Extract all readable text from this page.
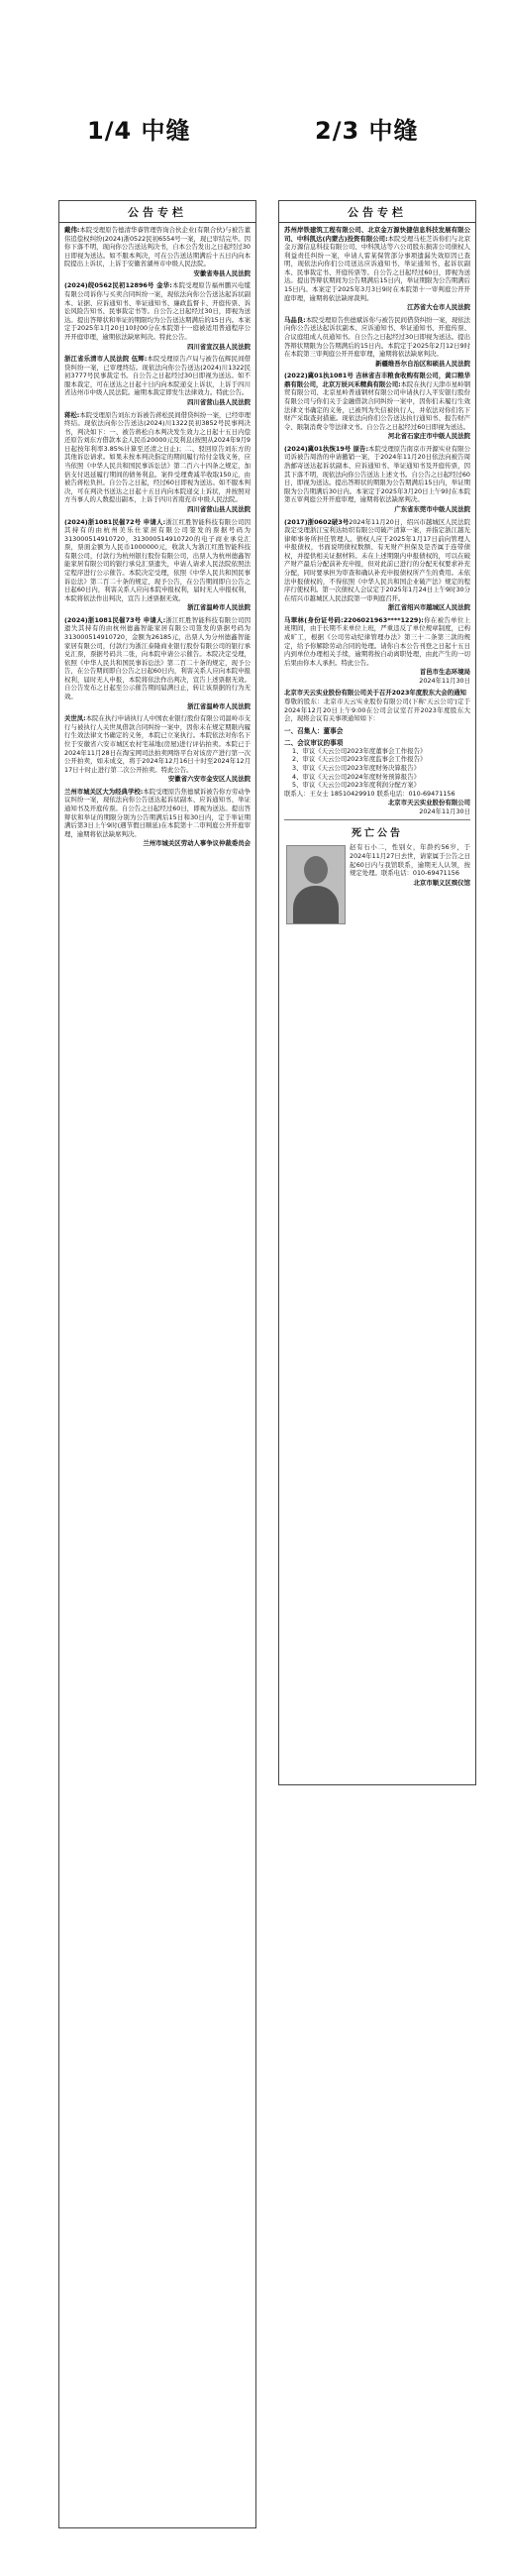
1/4 中缝	2/3 中缝
公告专栏

戴伟:本院受理原告德清华睿管理咨询合伙企业(有限合伙)与被告董伟追偿权纠纷(2024)浙0522民初6554号一案，现已审结完毕。因你下落不明，现向你公告送达判决书，自本公告发出之日起经过30日即视为送达。如不服本判决，可在公告送达期满后十五日内向本院提出上诉状，上诉于安徽省湖州市中级人民法院。

安徽省寿县人民法院

(2024)皖0562民初12896号 金华:本院受理原告福州鹏兴电缆有限公司诉你与买卖合同纠纷一案，现依法向你公告送达起诉状副本、证据、应诉通知书、举证通知书、廉政监督卡、开庭传票、诉讼风险告知书、民事裁定书等。自公告之日起经过30日，即视为送达。提出答辩状和举证的期限均为公告送达期满后的15日内。本案定于2025年1月20日10时00分在本院第十一庭被适用普通程序公开开庭审理，逾期依法缺席判决。特此公告。

四川省宣汉县人民法院

浙江省乐清市人民法院 伍辉:本院受理原告卢局与被告伍辉民间借贷纠纷一案，已审理终结。现依法向你公告送达(2024)川1322民初3777号民事裁定书。自公告之日起经过30日即视为送达。如不服本裁定，可在送达之日起十日内向本院递交上诉状，上诉于四川省达州市中级人民法院。逾期本裁定即发生法律效力。特此公告。

四川省营山县人民法院

蒋松:本院受理原告刘东方诉被告蒋松民间借贷纠纷一案，已经审理终结。现依法向你公告送达(2024)川1322民初3852号民事判决书，判决如下：一、被告蒋松自本判决发生效力之日起十五日内偿还原告刘东方借款本金人民币20000元及利息(按照从2024年9月9日起按年利率3.85%计算至还清之日止)；二、驳回原告刘东方的其他诉讼请求。如果未按本判决指定的期间履行给付金钱义务，应当依照《中华人民共和国民事诉讼法》第二百六十四条之规定，加倍支付迟延履行期间的债务利息。案件受理费减半收取150元，由被告蒋松负担。自公告之日起，经过60日即视为送达。如不服本判决，可在判决书送达之日起十五日内向本院递交上诉状，并按照对方当事人的人数提出副本，上诉于四川省南充市中级人民法院。

四川省营山县人民法院

(2024)浙1081民催72号 申请人:浙江红胜智能科技有限公司因其持有的由杭州美乐仕家居有限公司签发的票据号码为313000514910720，313000514910720的电子商业承兑汇票，票面金额为人民币1000000元，收款人为浙江红胜智能科技有限公司，付款行为杭州银行股份有限公司，出票人为杭州德鑫智能家居有限公司的银行承兑汇票遗失，申请人请求人民法院依照法定程序进行公示催告。本院决定受理，依照《中华人民共和国民事诉讼法》第二百二十条的规定，现予公告，在公告期间即自公告之日起60日内，利害关系人应向本院申报权利，届时无人申报权利，本院将依法作出判决，宣告上述票据无效。

浙江省温岭市人民法院

(2024)浙1081民催73号 申请人:浙江红胜智能科技有限公司因遗失其持有的由杭州德鑫智能家居有限公司签发的票据号码为313000514910720，金额为26185元，出票人为分州德鑫智能家居有限公司，付款行为浙江泰隆商业银行股份有限公司的银行承兑汇票，票据号码共二张，向本院申请公示催告。本院决定受理，依照《中华人民共和国民事诉讼法》第二百二十条的规定，现予公告，在公告期间即自公告之日起60日内，利害关系人应向本院申报权利，届时无人申报，本院将依法作出判决，宣告上述票据无效。自公告发布之日起至公示催告期间届满日止，转让该票据的行为无效。

浙江省温岭市人民法院

关世凤:本院在执行申请执行人中国农业银行股份有限公司温岭市支行与被执行人关世凤借款合同纠纷一案中，因你未在规定期限内履行生效法律文书确定的义务，本院已立案执行。本院依法对你名下位于安徽省六安市城区农村宅基地(房屋)进行评估拍卖。本院已于2024年11月28日在淘宝网司法拍卖网络平台对该房产进行第一次公开拍卖，如未成交，将于2024年12月16日十时至2024年12月17日十时止进行第二次公开拍卖。特此公告。

安徽省六安市金安区人民法院

兰州市城关区大为经典学校:本院受理原告焦德斌诉被告你方劳动争议纠纷一案，现依法向你公告送达起诉状副本、应诉通知书、举证通知书及开庭传票。自公告之日起经过60日，即视为送达。提出答辩状和举证的期限分别为公告期满后15日和30日内，定于举证期满后第3日上午9时(遇节假日顺延)在本院第十二审判庭公开开庭审理，逾期将依法缺席判决。

兰州市城关区劳动人事争议仲裁委员会

公告专栏

苏州岸铁建筑工程有限公司、北京金万源快捷信息科技发展有限公司、中科凯达(内蒙古)投资有限公司:本院受理马桂芝诉你们与北京金万源信息科技有限公司、中科凯达等六公司股东损害公司债权人利益责任纠纷一案，申请人雷某保管部分事项遗漏失效原因已查明，现依法向你们公司送达应诉通知书、举证通知书、起诉状副本、民事裁定书、开庭传票等。自公告之日起经过60日，即视为送达。提出答辩状期间为公告期满后15日内，举证期限为公告期满后15日内。本案定于2025年3月3日9时在本院第十一审判庭公开开庭审理，逾期将依法缺席裁判。

江苏省大仓市人民法院

马品良:本院受理原告焦德斌诉你与被告民间借贷纠纷一案，现依法向你公告送达起诉状副本、应诉通知书、举证通知书、开庭传票、合议庭组成人员通知书。自公告之日起经过30日即视为送达。提出答辩状期限为公告期满后的15日内。本院定于2025年2月12日9时在本院第三审判庭公开开庭审理，逾期将依法缺席判决。

新疆维吾尔自治区和硕县人民法院

(2022)冀01执1081号 吉林省吉丰粮食收购有限公司，黄口粮华鼎有限公司，北京万辰兴禾精典有限公司:本院在执行天津市星岭钢贸有限公司、北京星岭普通钢材有限公司申请执行人平安银行股份有限公司与你们关于金融借款合同纠纷一案中，因你们未履行生效法律文书确定的义务，已被列为失信被执行人，并依法对你们名下财产采取查封措施。现依法向你们公告送达执行通知书、报告财产令、限制消费令等法律文书。自公告之日起经过60日即视为送达。

河北省石家庄市中级人民法院

(2024)冀01执恢19号 原告:本院受理原告南京市开源实业有限公司诉被告周浩的申请撤销一案，于2024年11月20日依法向被告周浩邮寄送达起诉状副本、应诉通知书、举证通知书及开庭传票，因其下落不明，现依法向你公告送达上述文书。自公告之日起经过60日，即视为送达。提出答辩状的期限为公告期满后15日内，举证期限为公告期满后30日内。本案定于2025年3月20日上午9时在本院第五审判庭公开开庭审理，逾期将依法缺席判决。

广东省东莞市中级人民法院

(2017)浙0602破3号2024年11月20日，绍兴市越城区人民法院裁定受理浙江宝利达纺织有限公司破产清算一案，并指定浙江越光律师事务所担任管理人。债权人应于2025年1月17日前向管理人申报债权，书面说明债权数额、有无财产担保及是否属于连带债权，并提供相关证据材料。未在上述期限内申报债权的，可以在破产财产最后分配前补充申报，但对此前已进行的分配无权要求补充分配，同时要承担为审查和确认补充申报债权所产生的费用。未依法申报债权的，不得依照《中华人民共和国企业破产法》规定的程序行使权利。第一次债权人会议定于2025年1月24日上午9时30分在绍兴市越城区人民法院第一审判庭召开。

浙江省绍兴市越城区人民法院

马翠林(身份证号码:2206021963****1229):你在被告单位上班期间，由于长期不来单位上班，严重违反了单位规章制度，已构成旷工，根据《公司劳动纪律管理办法》第三十二条第三款的规定，给予你解除劳动合同的处理。请你自本公告刊登之日起十五日内到单位办理相关手续，逾期将按自动离职处理，由此产生的一切后果由你本人承担。特此公告。

首邑市生态环境局

2024年11月30日

北京市天云实业股份有限公司关于召开2023年度股东大会的通知

尊敬的股东：北京市天云实业股份有限公司(下称'天云公司')定于2024年12月20日上午9:00在公司会议室召开2023年度股东大会，现将会议有关事项通知如下：

一、召集人：董事会

二、会议审议的事项

1、审议《天云公司2023年度董事会工作报告》

2、审议《天云公司2023年度监事会工作报告》

3、审议《天云公司2023年度财务决算报告》

4、审议《天云公司2024年度财务预算报告》

5、审议《天云公司2023年度利润分配方案》

联系人：王女士 18510429910 联系电话：010-69471156

北京市天云实业股份有限公司

2024年11月30日

死亡公告

赵有石小二，性别女，年龄约56岁，于2024年11月27日去世，请家属于公告之日起60日内与我馆联系，逾期无人认领，按规定处理。联系电话：010-69471156

北京市顺义区殡仪馆
